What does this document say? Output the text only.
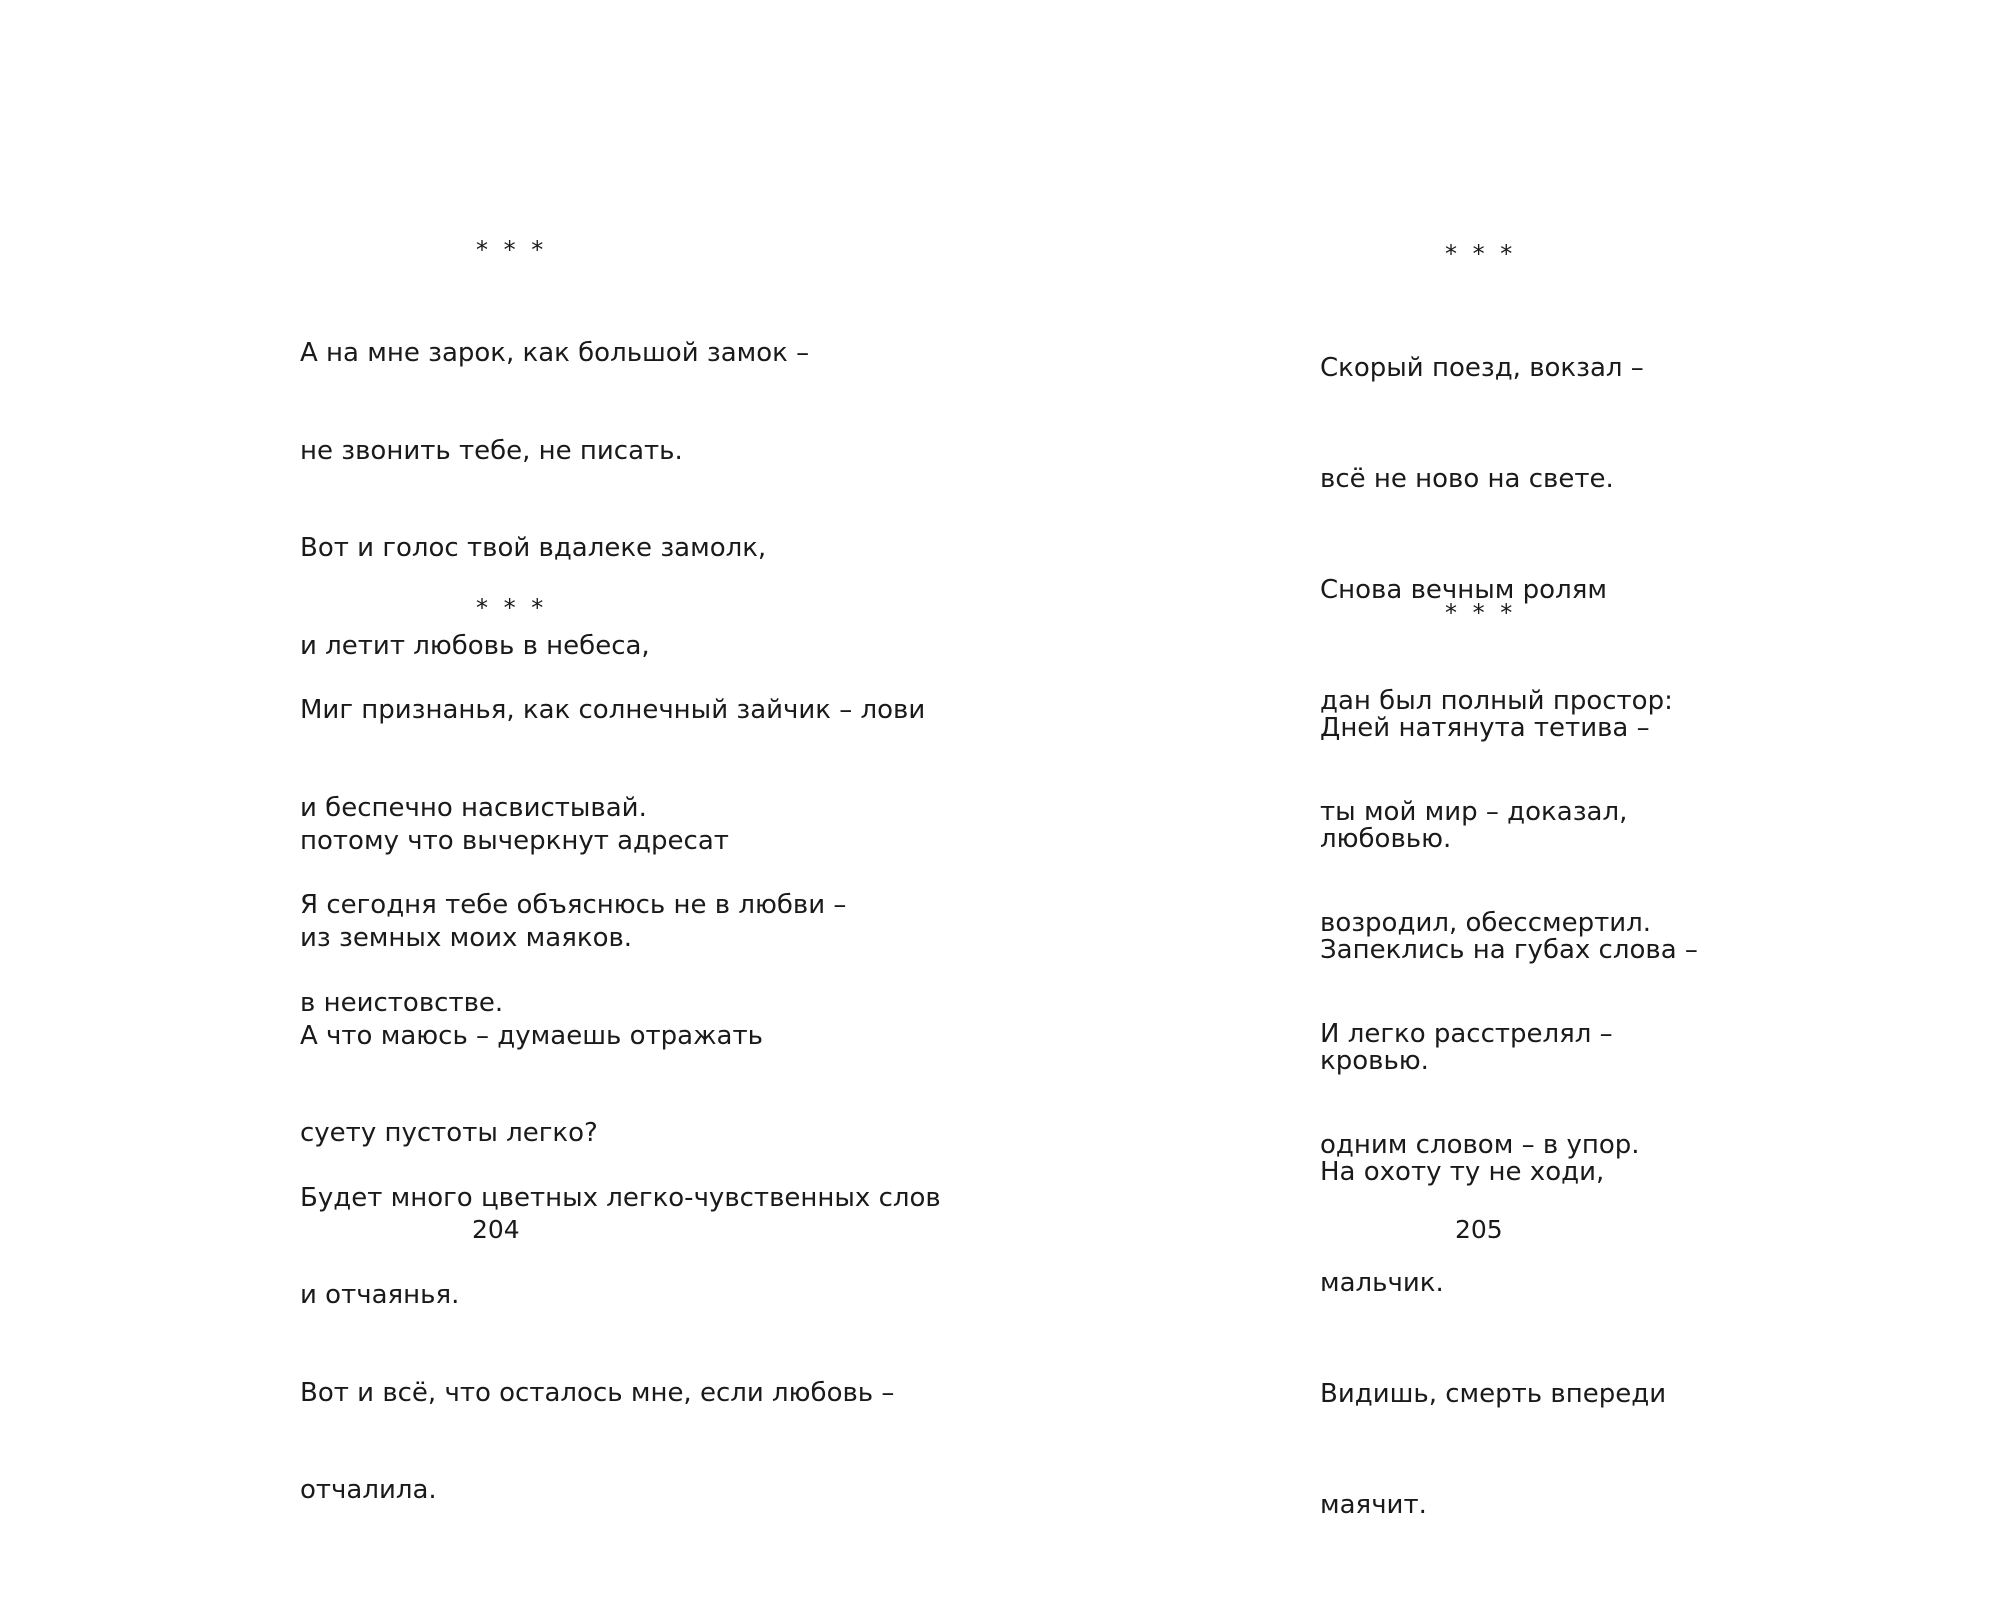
* * *

А на мне зарок, как большой замок –

не звонить тебе, не писать.

Вот и голос твой вдалеке замолк,

и летит любовь в небеса,

потому что вычеркнут адресат

из земных моих маяков.

А что маюсь – думаешь отражать

суету пустоты легко?

* * *

Миг признанья, как солнечный зайчик – лови

и беспечно насвистывай.

Я сегодня тебе объяснюсь не в любви –

в неистовстве.

Будет много цветных легко-чувственных слов

и отчаянья.

Вот и всё, что осталось мне, если любовь –

отчалила.

204
* * *

Скорый поезд, вокзал –

всё не ново на свете.

Снова вечным ролям

дан был полный простор:

ты мой мир – доказал,

возродил, обессмертил.

И легко расстрелял –

одним словом – в упор.

* * *

Дней натянута тетива –

любовью.

Запеклись на губах слова –

кровью.

На охоту ту не ходи,

мальчик.

Видишь, смерть впереди

маячит.

205
